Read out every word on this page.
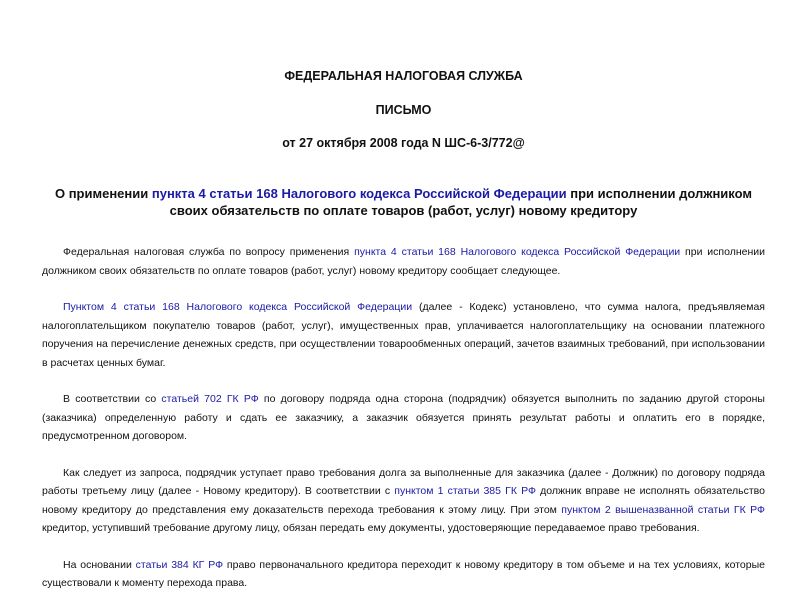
ФЕДЕРАЛЬНАЯ НАЛОГОВАЯ СЛУЖБА

ПИСЬМО

от 27 октября 2008 года N ШС-6-3/772@

О применении пункта 4 статьи 168 Налогового кодекса Российской Федерации при исполнении должником своих обязательств по оплате товаров (работ, услуг) новому кредитору

Федеральная налоговая служба по вопросу применения пункта 4 статьи 168 Налогового кодекса Российской Федерации при исполнении должником своих обязательств по оплате товаров (работ, услуг) новому кредитору сообщает следующее.

Пунктом 4 статьи 168 Налогового кодекса Российской Федерации (далее - Кодекс) установлено, что сумма налога, предъявляемая налогоплательщиком покупателю товаров (работ, услуг), имущественных прав, уплачивается налогоплательщику на основании платежного поручения на перечисление денежных средств, при осуществлении товарообменных операций, зачетов взаимных требований, при использовании в расчетах ценных бумаг.

В соответствии со статьей 702 ГК РФ по договору подряда одна сторона (подрядчик) обязуется выполнить по заданию другой стороны (заказчика) определенную работу и сдать ее заказчику, а заказчик обязуется принять результат работы и оплатить его в порядке, предусмотренном договором.

Как следует из запроса, подрядчик уступает право требования долга за выполненные для заказчика (далее - Должник) по договору подряда работы третьему лицу (далее - Новому кредитору). В соответствии с пунктом 1 статьи 385 ГК РФ должник вправе не исполнять обязательство новому кредитору до представления ему доказательств перехода требования к этому лицу. При этом пунктом 2 вышеназванной статьи ГК РФ кредитор, уступивший требование другому лицу, обязан передать ему документы, удостоверяющие передаваемое право требования.

На основании статьи 384 КГ РФ право первоначального кредитора переходит к новому кредитору в том объеме и на тех условиях, которые существовали к моменту перехода права.
